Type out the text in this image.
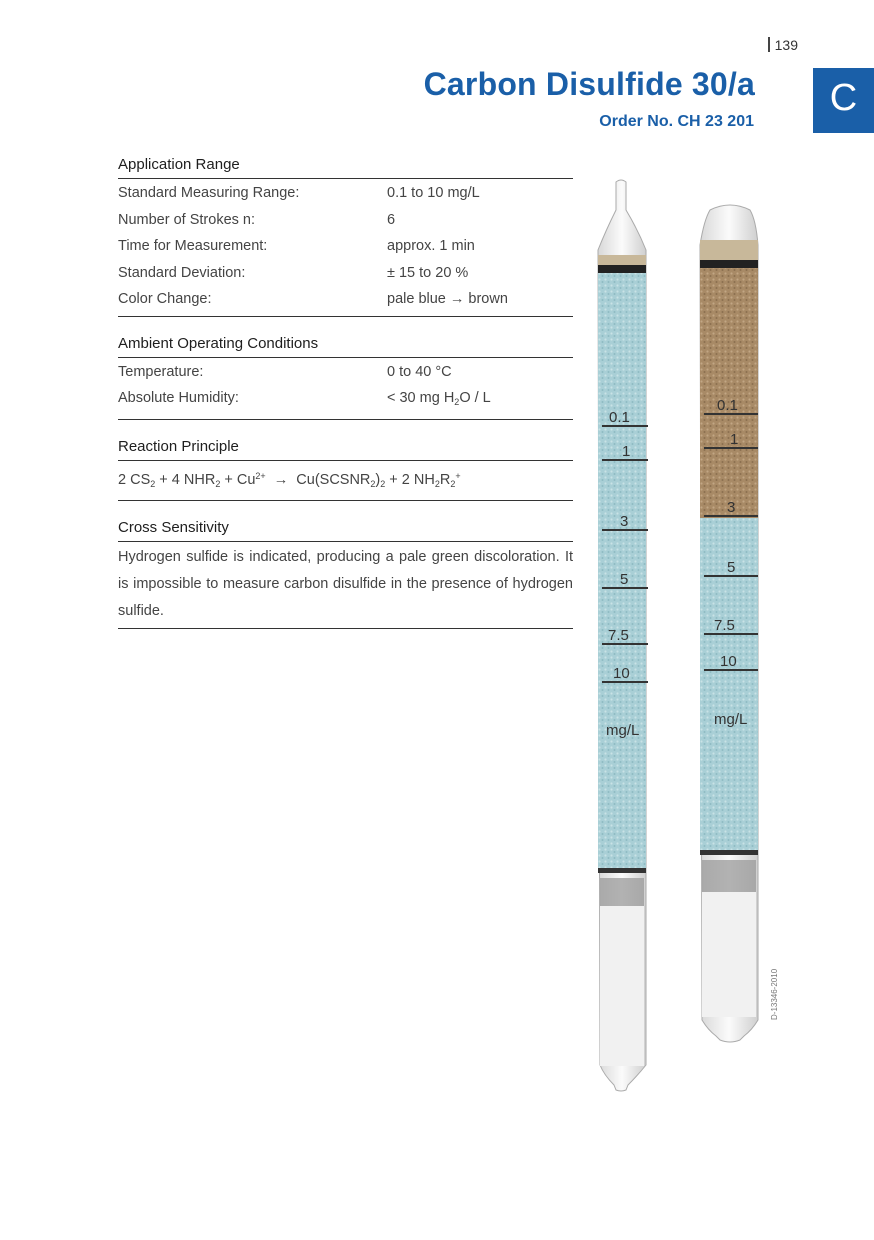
139
Carbon Disulfide 30/a
Order No. CH 23 201
C
Application Range
Standard Measuring Range:	0.1 to 10 mg/L
Number of Strokes n:	6
Time for Measurement:	approx. 1 min
Standard Deviation:	± 15 to 20 %
Color Change:	pale blue → brown
Ambient Operating Conditions
Temperature:	0 to 40 °C
Absolute Humidity:	< 30 mg $H_2O$ / L
Reaction Principle
2 $CS_2 + 4$ $NHR_2 + Cu^{2+}$  →  $Cu(SCSNR_2)_2 + 2$ $NH_2R_2^+$
Cross Sensitivity
Hydrogen sulfide is indicated, producing a pale green discoloration. It is impossible to measure carbon disulfide in the presence of hydrogen sulfide.
0.1
1
3
5
7.5
10
mg/L
0.1
1
3
5
7.5
10
mg/L
D-13346-2010
